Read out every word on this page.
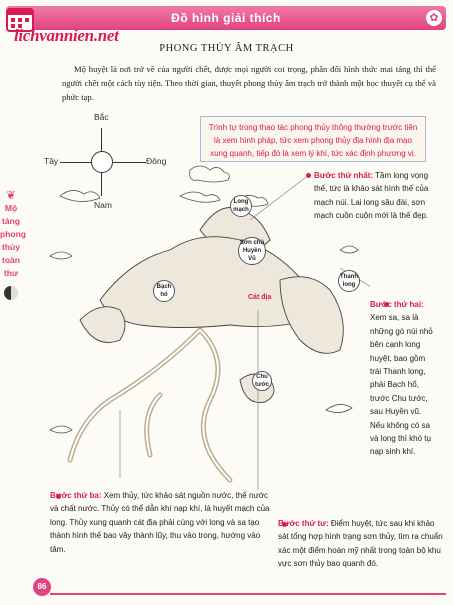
Đồ hình giải thích	✿
lichvannien.net
❦
Mộ
táng
phong
thủy
toàn
thư
PHONG THỦY ÂM TRẠCH
Mộ huyệt là nơi trở về của người chết, được mọi người coi trọng, phân đối hình thức mai táng thì thể người chết một cách tùy tiện. Theo thời gian, thuyết phong thủy âm trạch trở thành một học thuyết cụ thể và phức tạp.
Bắc
Nam
Tây	Đông

Trình tự trong thao tác phong thủy thông thường trước tiên là xem hình pháp, tức xem phong thủy địa hình địa mạo xung quanh, tiếp đó là xem lý khí, tức xác định phương vị.

Long mạch
Sơn chủ Huyền Vũ
Bạch hổ
Thanh long
Chu tước
Cát địa
Bước thứ nhất: Tầm long vọng thế, tức là khảo sát hình thế của mạch núi. Lai long sâu đài, sơn mạch cuồn cuộn mới là thế đẹp.
Bước thứ hai: Xem sa, sa là những gò núi nhỏ bên cạnh long huyệt, bao gồm trái Thanh long, phải Bạch hổ, trước Chu tước, sau Huyền vũ. Nếu không có sa và long thì khó tụ nạp sinh khí.
Bước thứ ba: Xem thủy, tức khảo sát nguồn nước, thế nước và chất nước. Thủy có thể dẫn khí nạp khí, là huyết mạch của long. Thủy xung quanh cát địa phải cùng với long và sa tạo thành hình thế bao vây thành lũy, thu vào trong, hướng vào tâm.
Bước thứ tư: Điểm huyệt, tức sau khi khảo sát tổng hợp hình trạng sơn thủy, tìm ra chuẩn xác một điểm hoàn mỹ nhất trong toàn bộ khu vực sơn thủy bao quanh đó.
86
